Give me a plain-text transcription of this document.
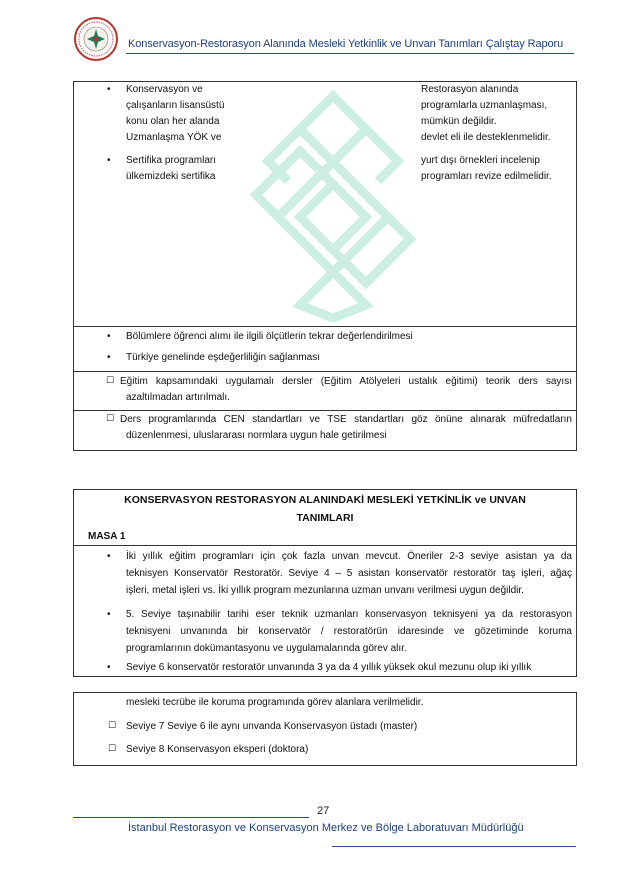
Konservasyon-Restorasyon Alanında Mesleki Yetkinlik ve Unvan Tanımları Çalıştay Raporu
• Konservasyon ve
çalışanların lisansüstü
konu olan her alanda
Uzmanlaşma YÖK ve
Restorasyon alanında
programlarla uzmanlaşması,
mümkün değildir.
devlet eli ile desteklenmelidir.
• Sertifika programları
ülkemizdeki sertifika
yurt dışı örnekleri incelenip
programları revize edilmelidir.
• Bölümlere öğrenci alımı ile ilgili ölçütlerin tekrar değerlendirilmesi
• Türkiye genelinde eşdeğerliliğin sağlanması
☐ Eğitim kapsamındaki uygulamalı dersler (Eğitim Atölyeleri ustalık eğitimi) teorik ders sayısı
azaltılmadan artırılmalı.
☐ Ders programlarında CEN standartları ve TSE standartları göz önüne alınarak müfredatların
düzenlenmesi, uluslararası normlara uygun hale getirilmesi
KONSERVASYON RESTORASYON ALANINDAKİ MESLEKİ YETKİNLİK ve UNVAN
TANIMLARI
MASA 1
• İki yıllık eğitim programları için çok fazla unvan mevcut. Öneriler 2-3 seviye asistan ya da
teknisyen Konservatör Restoratör. Seviye 4 – 5 asistan konservatör restoratör taş işleri, ağaç
işleri, metal işleri vs. İki yıllık program mezunlarına uzman unvanı verilmesi uygun değildir.
• 5. Seviye taşınabilir tarihi eser teknik uzmanları konservasyon teknisyeni ya da restorasyon
teknisyeni unvanında bir konservatör / restoratörün idaresinde ve gözetiminde koruma
programlarının dokümantasyonu ve uygulamalarında görev alır.
• Seviye 6 konservatör restoratör unvanında 3 ya da 4 yıllık yüksek okul mezunu olup iki yıllık
mesleki tecrübe ile koruma programında görev alanlara verilmelidir.
☐ Seviye 7 Seviye 6 ile aynı unvanda Konservasyon üstadı (master)
☐ Seviye 8 Konservasyon eksperi (doktora)
27
İstanbul Restorasyon ve Konservasyon Merkez ve Bölge Laboratuvarı Müdürlüğü
